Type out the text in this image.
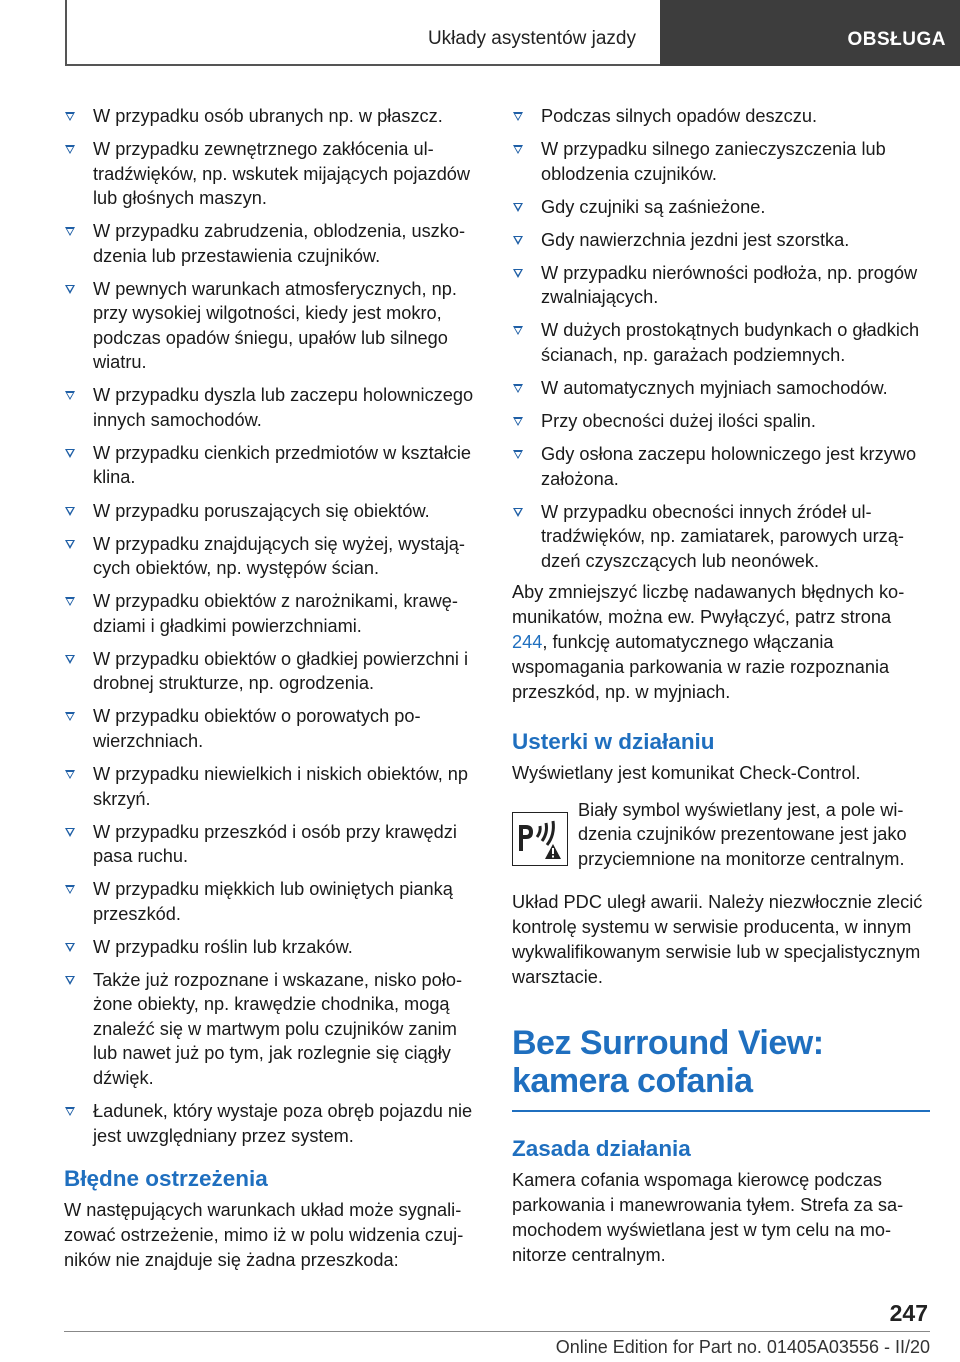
Układy asystentów jazdy	OBSŁUGA
W przypadku osób ubranych np. w płaszcz.
W przypadku zewnętrznego zakłócenia ultradźwięków, np. wskutek mijających pojazdów lub głośnych maszyn.
W przypadku zabrudzenia, oblodzenia, uszkodzenia lub przestawienia czujników.
W pewnych warunkach atmosferycznych, np. przy wysokiej wilgotności, kiedy jest mokro, podczas opadów śniegu, upałów lub silnego wiatru.
W przypadku dyszla lub zaczepu holowniczego innych samochodów.
W przypadku cienkich przedmiotów w kształcie klina.
W przypadku poruszających się obiektów.
W przypadku znajdujących się wyżej, wystających obiektów, np. występów ścian.
W przypadku obiektów z narożnikami, krawędziami i gładkimi powierzchniami.
W przypadku obiektów o gładkiej powierzchni i drobnej strukturze, np. ogrodzenia.
W przypadku obiektów o porowatych powierzchniach.
W przypadku niewielkich i niskich obiektów, np skrzyń.
W przypadku przeszkód i osób przy krawędzi pasa ruchu.
W przypadku miękkich lub owiniętych pianką przeszkód.
W przypadku roślin lub krzaków.
Także już rozpoznane i wskazane, nisko położone obiekty, np. krawędzie chodnika, mogą znaleźć się w martwym polu czujników zanim lub nawet już po tym, jak rozlegnie się ciągły dźwięk.
Ładunek, który wystaje poza obręb pojazdu nie jest uwzględniany przez system.
Błędne ostrzeżenia

W następujących warunkach układ może sygnalizować ostrzeżenie, mimo iż w polu widzenia czujników nie znajduje się żadna przeszkoda:

Podczas silnych opadów deszczu.
W przypadku silnego zanieczyszczenia lub oblodzenia czujników.
Gdy czujniki są zaśnieżone.
Gdy nawierzchnia jezdni jest szorstka.
W przypadku nierówności podłoża, np. progów zwalniających.
W dużych prostokątnych budynkach o gładkich ścianach, np. garażach podziemnych.
W automatycznych myjniach samochodów.
Przy obecności dużej ilości spalin.
Gdy osłona zaczepu holowniczego jest krzywo założona.
W przypadku obecności innych źródeł ultradźwięków, np. zamiatarek, parowych urządzeń czyszczących lub neonówek.

Aby zmniejszyć liczbę nadawanych błędnych komunikatów, można ew. Pwyłączyć, patrz strona 244, funkcję automatycznego włączania wspomagania parkowania w razie rozpoznania przeszkód, np. w myjniach.

Usterki w działaniu

Wyświetlany jest komunikat Check-Control.

Biały symbol wyświetlany jest, a pole widzenia czujników prezentowane jest jako przyciemnione na monitorze centralnym.

Układ PDC uległ awarii. Należy niezwłocznie zlecić kontrolę systemu w serwisie producenta, w innym wykwalifikowanym serwisie lub w specjalistycznym warsztacie.

Bez Surround View: kamera cofania
Zasada działania

Kamera cofania wspomaga kierowcę podczas parkowania i manewrowania tyłem. Strefa za samochodem wyświetlana jest w tym celu na monitorze centralnym.

247
Online Edition for Part no. 01405A03556 - II/20
